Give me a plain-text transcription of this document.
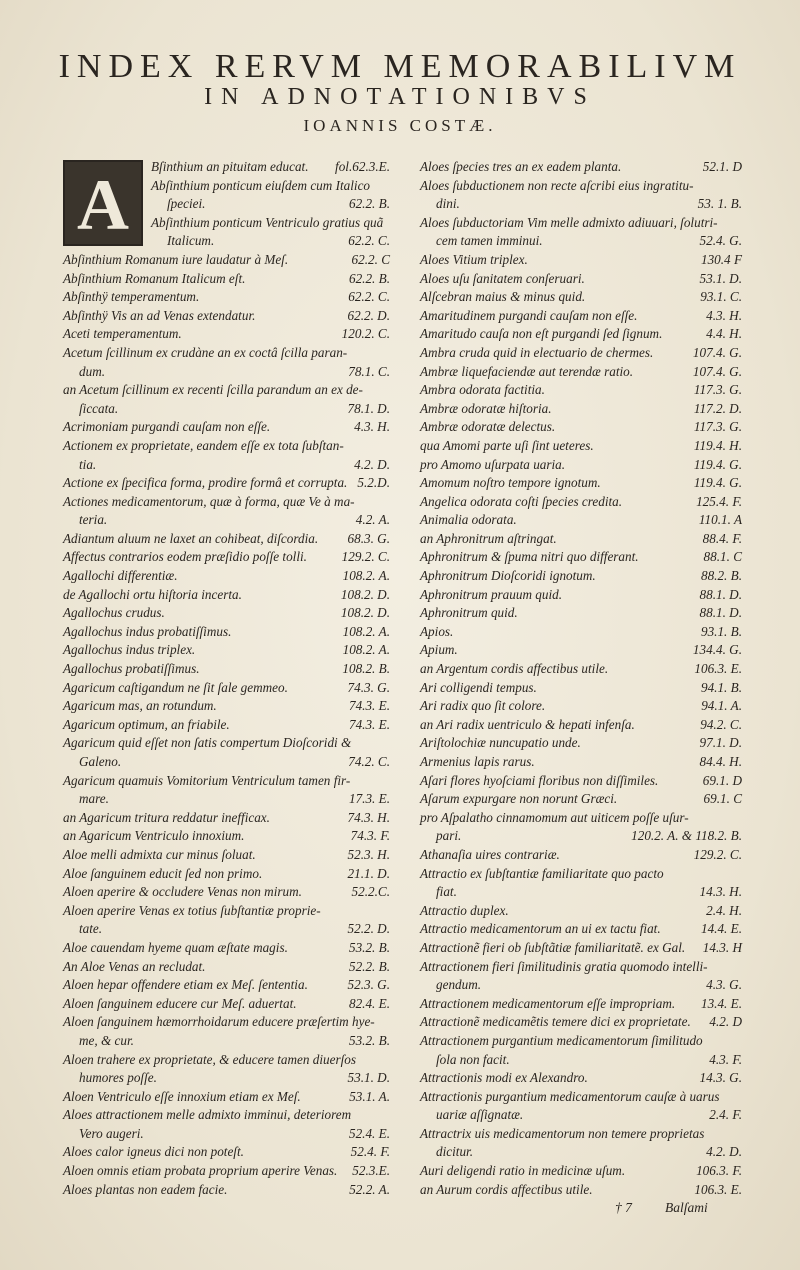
INDEX RERVM MEMORABILIVM
IN ADNOTATIONIBVS
IOANNIS COSTÆ.
A	Bſinthium an pituitam educat.	fol.62.3.E.
Abſinthium ponticum eiuſdem cum Italico
ſpeciei.	62.2. B.
Abſinthium ponticum Ventriculo gratius quã
Italicum.	62.2. C.
Abſinthium Romanum iure laudatur à Meſ.	62.2. C
Abſinthium Romanum Italicum eſt.	62.2. B.
Abſinthÿ temperamentum.	62.2. C.
Abſinthÿ Vis an ad Venas extendatur.	62.2. D.
Aceti temperamentum.	120.2. C.
Acetum ſcillinum ex crudàne an ex coctâ ſcilla paran-
dum.	78.1. C.
an Acetum ſcillinum ex recenti ſcilla parandum an ex de-
ſiccata.	78.1. D.
Acrimoniam purgandi cauſam non eſſe.	4.3. H.
Actionem ex proprietate, eandem eſſe ex tota ſubſtan-
tia.	4.2. D.
Actione ex ſpecifica forma, prodire formâ et corrupta. 5.2.D.
Actiones medicamentorum, quæ à forma, quæ Ve à ma-
teria.	4.2. A.
Adiantum aluum ne laxet an cohibeat, diſcordia.	68.3. G.
Affectus contrarios eodem præſidio poſſe tolli.	129.2. C.
Agallochi differentiæ.	108.2. A.
de Agallochi ortu hiſtoria incerta.	108.2. D.
Agallochus crudus.	108.2. D.
Agallochus indus probatiſſimus.	108.2. A.
Agallochus indus triplex.	108.2. A.
Agallochus probatiſſimus.	108.2. B.
Agaricum caſtigandum ne ſit ſale gemmeo.	74.3. G.
Agaricum mas, an rotundum.	74.3. E.
Agaricum optimum, an friabile.	74.3. E.
Agaricum quid eſſet non ſatis compertum Dioſcoridi &
Galeno.	74.2. C.
Agaricum quamuis Vomitorium Ventriculum tamen fir-
mare.	17.3. E.
an Agaricum tritura reddatur inefficax.	74.3. H.
an Agaricum Ventriculo innoxium.	74.3. F.
Aloe melli admixta cur minus ſoluat.	52.3. H.
Aloe ſanguinem educit ſed non primo.	21.1. D.
Aloen aperire & occludere Venas non mirum.	52.2.C.
Aloen aperire Venas ex totius ſubſtantiæ proprie-
tate.	52.2. D.
Aloe cauendam hyeme quam æſtate magis.	53.2. B.
An Aloe Venas an recludat.	52.2. B.
Aloen hepar offendere etiam ex Meſ. ſententia.	52.3. G.
Aloen ſanguinem educere cur Meſ. aduertat.	82.4. E.
Aloen ſanguinem hæmorrhoidarum educere præſertim hye-
me, & cur.	53.2. B.
Aloen trahere ex proprietate, & educere tamen diuerſos
humores poſſe.	53.1. D.
Aloen Ventriculo eſſe innoxium etiam ex Meſ.	53.1. A.
Aloes attractionem melle admixto imminui, deteriorem
Vero augeri.	52.4. E.
Aloes calor igneus dici non poteſt.	52.4. F.
Aloen omnis etiam probata proprium aperire Venas.	52.3.E.
Aloes plantas non eadem facie.	52.2. A.
Aloes ſpecies tres an ex eadem planta.	52.1. D
Aloes ſubductionem non recte aſcribi eius ingratitu-
dini.	53. 1. B.
Aloes ſubductoriam Vim melle admixto adiuuari, ſolutri-
cem tamen imminui.	52.4. G.
Aloes Vitium triplex.	130.4 F
Aloes uſu ſanitatem conſeruari.	53.1. D.
Alſcebran maius & minus quid.	93.1. C.
Amaritudinem purgandi cauſam non eſſe.	4.3. H.
Amaritudo cauſa non eſt purgandi ſed ſignum.	4.4. H.
Ambra cruda quid in electuario de chermes.	107.4. G.
Ambræ liquefaciendæ aut terendæ ratio.	107.4. G.
Ambra odorata factitia.	117.3. G.
Ambræ odoratæ hiſtoria.	117.2. D.
Ambræ odoratæ delectus.	117.3. G.
qua Amomi parte uſi ſint ueteres.	119.4. H.
pro Amomo uſurpata uaria.	119.4. G.
Amomum noſtro tempore ignotum.	119.4. G.
Angelica odorata coſti ſpecies credita.	125.4. F.
Animalia odorata.	110.1. A
an Aphronitrum aſtringat.	88.4. F.
Aphronitrum & ſpuma nitri quo differant.	88.1. C
Aphronitrum Dioſcoridi ignotum.	88.2. B.
Aphronitrum prauum quid.	88.1. D.
Aphronitrum quid.	88.1. D.
Apios.	93.1. B.
Apium.	134.4. G.
an Argentum cordis affectibus utile.	106.3. E.
Ari colligendi tempus.	94.1. B.
Ari radix quo ſit colore.	94.1. A.
an Ari radix uentriculo & hepati infenſa.	94.2. C.
Ariſtolochiæ nuncupatio unde.	97.1. D.
Armenius lapis rarus.	84.4. H.
Aſari flores hyoſciami floribus non diſſimiles.	69.1. D
Aſarum expurgare non norunt Græci.	69.1. C
pro Aſpalatho cinnamomum aut uiticem poſſe uſur-
pari.	120.2. A. & 118.2. B.
Athanaſia uires contrariæ.	129.2. C.
Attractio ex ſubſtantiæ familiaritate quo pacto
fiat.	14.3. H.
Attractio duplex.	2.4. H.
Attractio medicamentorum an ui ex tactu fiat.	14.4. E.
Attractionẽ fieri ob ſubſtãtiæ familiaritatẽ. ex Gal.	14.3. H
Attractionem fieri ſimilitudinis gratia quomodo intelli-
gendum.	4.3. G.
Attractionem medicamentorum eſſe impropriam.	13.4. E.
Attractionẽ medicamẽtis temere dici ex proprietate.	4.2. D
Attractionem purgantium medicamentorum ſimilitudo
ſola non facit.	4.3. F.
Attractionis modi ex Alexandro.	14.3. G.
Attractionis purgantium medicamentorum cauſæ à uarus
uariæ aſſignatæ.	2.4. F.
Attractrix uis medicamentorum non temere proprietas
dicitur.	4.2. D.
Auri deligendi ratio in medicinæ uſum.	106.3. F.
an Aurum cordis affectibus utile.	106.3. E.
† 7 Balſami
